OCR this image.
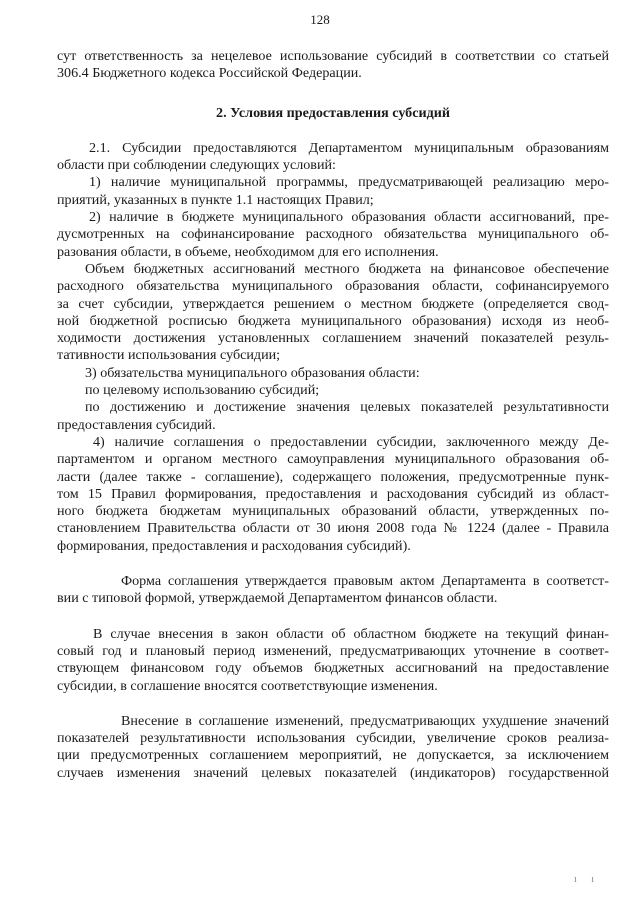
128
сут ответственность за нецелевое использование субсидий в соответствии со статьей
306.4 Бюджетного кодекса Российской Федерации.
2. Условия предоставления субсидий
2.1. Субсидии предоставляются Департаментом муниципальным образованиям
области при соблюдении следующих условий:
1) наличие муниципальной программы, предусматривающей реализацию меро-
приятий, указанных в пункте 1.1 настоящих Правил;
2) наличие в бюджете муниципального образования области ассигнований, пре-
дусмотренных на софинансирование расходного обязательства муниципального об-
разования области, в объеме, необходимом для его исполнения.
Объем бюджетных ассигнований местного бюджета на финансовое обеспечение
расходного обязательства муниципального образования области, софинансируемого
за счет субсидии, утверждается решением о местном бюджете (определяется свод-
ной бюджетной росписью бюджета муниципального образования) исходя из необ-
ходимости достижения установленных соглашением значений показателей резуль-
тативности использования субсидии;
3) обязательства муниципального образования области:
по целевому использованию субсидий;
по достижению и достижение значения целевых показателей результативности
предоставления субсидий.
4) наличие соглашения о предоставлении субсидии, заключенного между Де-
партаментом и органом местного самоуправления муниципального образования об-
ласти (далее также - соглашение), содержащего положения, предусмотренные пунк-
том 15 Правил формирования, предоставления и расходования субсидий из област-
ного бюджета бюджетам муниципальных образований области, утвержденных по-
становлением Правительства области от 30 июня 2008 года № 1224 (далее - Правила
формирования, предоставления и расходования субсидий).
Форма соглашения утверждается правовым актом Департамента в соответст-
вии с типовой формой, утверждаемой Департаментом финансов области.
В случае внесения в закон области об областном бюджете на текущий финан-
совый год и плановый период изменений, предусматривающих уточнение в соответ-
ствующем финансовом году объемов бюджетных ассигнований на предоставление
субсидии, в соглашение вносятся соответствующие изменения.
Внесение в соглашение изменений, предусматривающих ухудшение значений
показателей результативности использования субсидии, увеличение сроков реализа-
ции предусмотренных соглашением мероприятий, не допускается, за исключением
случаев изменения значений целевых показателей (индикаторов) государственной
ı ı
